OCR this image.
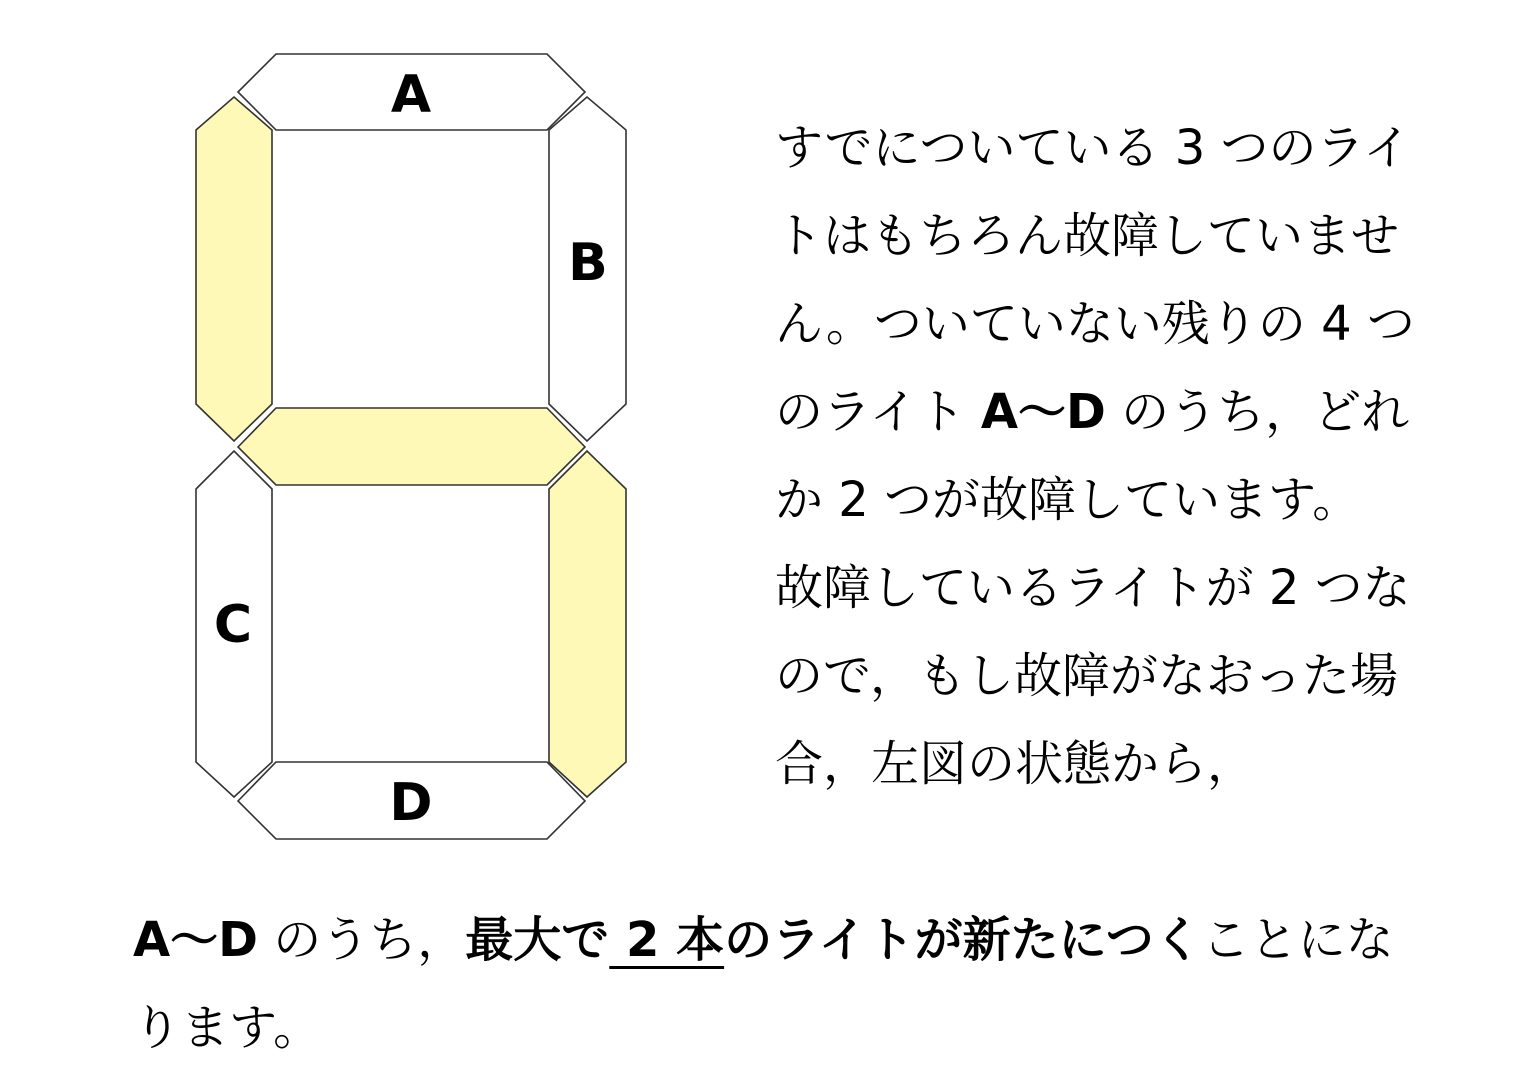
A
B
C
D

すでについている 3 つのライトはもちろん故障していません。ついていない残りの 4 つのライト A〜D のうち，どれか 2 つが故障しています。

故障しているライトが 2 つなので，もし故障がなおった場合，左図の状態から，

A〜D のうち，最大で 2 本のライトが新たにつくことになります。
